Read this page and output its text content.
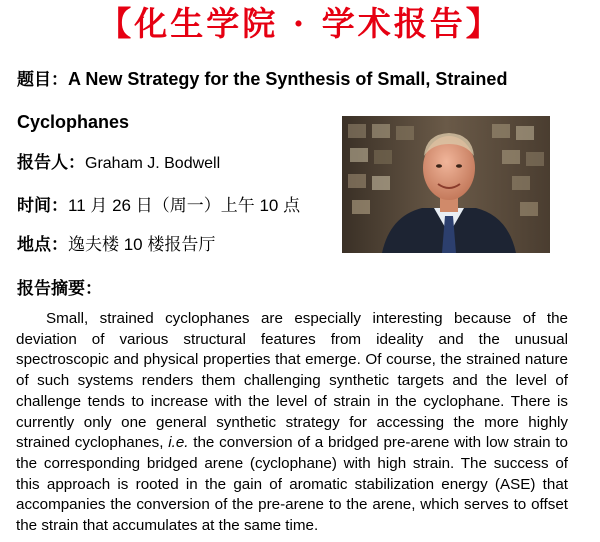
【化生学院 · 学术报告】
题目：A New Strategy for the Synthesis of Small, Strained
Cyclophanes
报告人：Graham J. Bodwell
时间：11 月 26 日（周一）上午 10 点
地点：逸夫楼 10 楼报告厅
报告摘要：

Small, strained cyclophanes are especially interesting because of the deviation of various structural features from ideality and the unusual spectroscopic and physical properties that emerge. Of course, the strained nature of such systems renders them challenging synthetic targets and the level of challenge tends to increase with the level of strain in the cyclophane. There is currently only one general synthetic strategy for accessing the more highly strained cyclophanes, i.e. the conversion of a bridged pre-arene with low strain to the corresponding bridged arene (cyclophane) with high strain. The success of this approach is rooted in the gain of aromatic stabilization energy (ASE) that accompanies the conversion of the pre-arene to the arene, which serves to offset the strain that accumulates at the same time.
